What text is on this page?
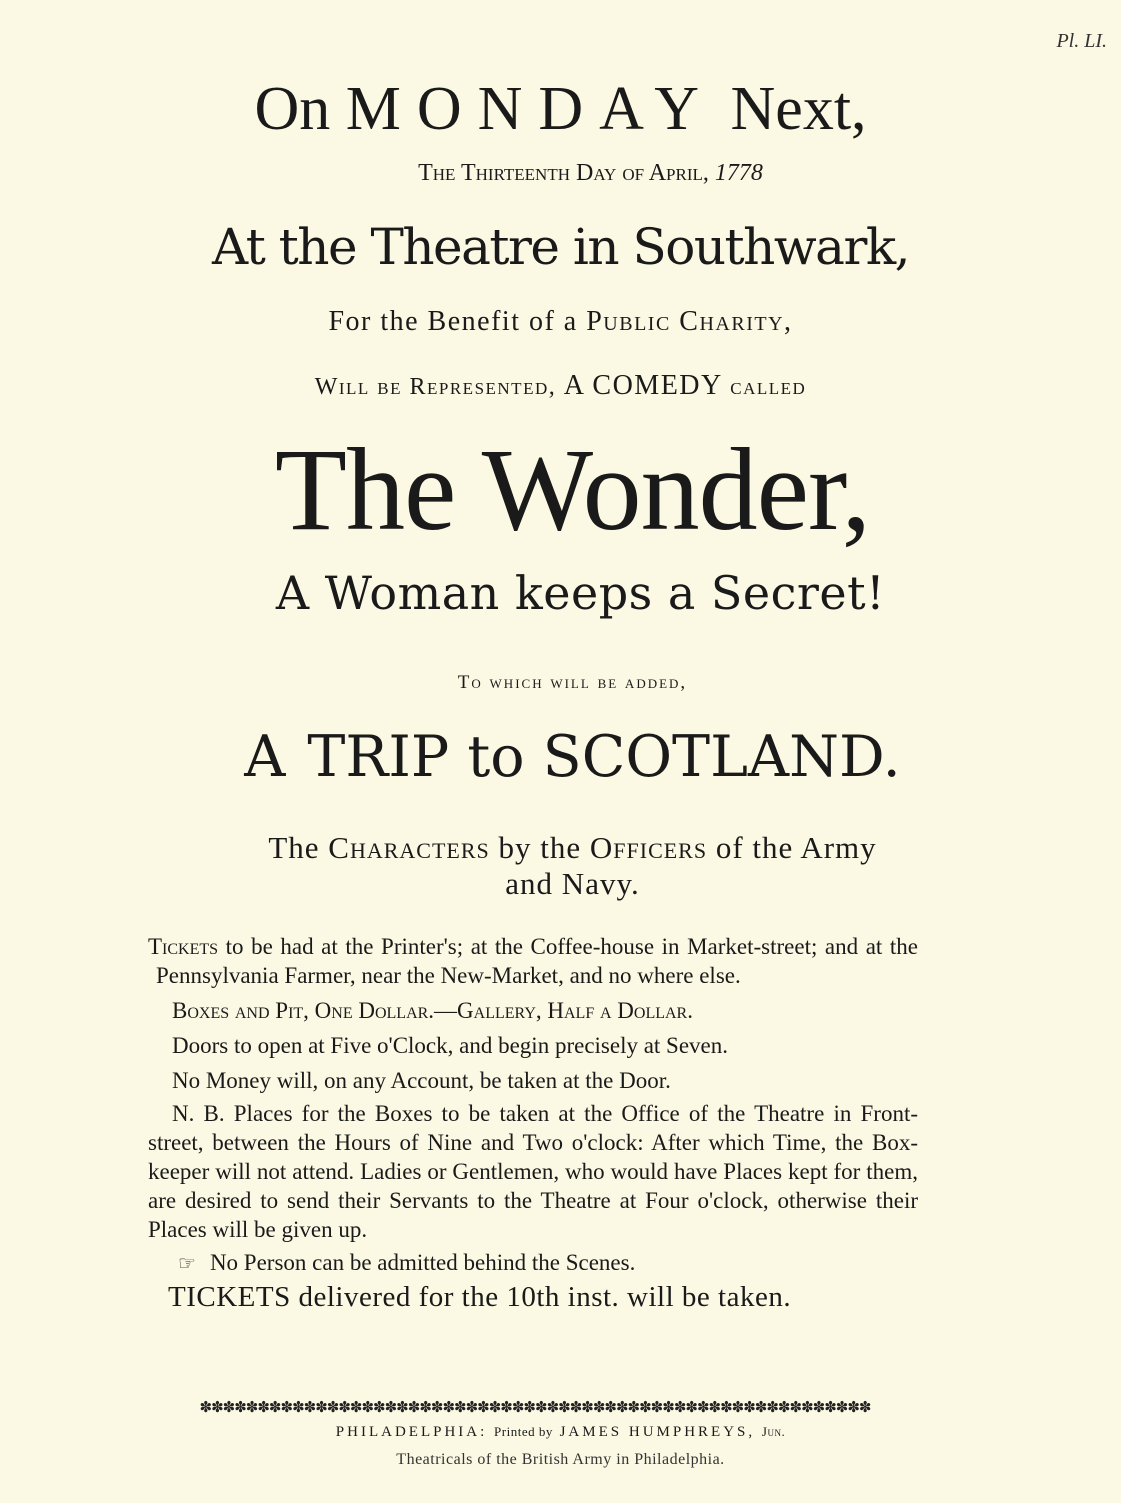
Pl. LI.
On MONDAY Next,
The Thirteenth Day of April, 1778
At the Theatre in Southwark,
For the Benefit of a Public Charity,
Will be Represented, A COMEDY called
The Wonder,
A Woman keeps a Secret!
To which will be added,
A TRIP to SCOTLAND.
The Characters by the Officers of the Army
and Navy.
Tickets to be had at the Printer's; at the Coffee-house in Market-street; and at the Pennsylvania Farmer, near the New-Market, and no where else.
Boxes and Pit, One Dollar.—Gallery, Half a Dollar.
Doors to open at Five o'Clock, and begin precisely at Seven.
No Money will, on any Account, be taken at the Door.
N. B. Places for the Boxes to be taken at the Office of the Theatre in Front-street, between the Hours of Nine and Two o'clock: After which Time, the Box-keeper will not attend. Ladies or Gentlemen, who would have Places kept for them, are desired to send their Servants to the Theatre at Four o'clock, otherwise their Places will be given up.
☞ No Person can be admitted behind the Scenes.
TICKETS delivered for the 10th inst. will be taken.
✽✽✽✽✽✽✽✽✽✽✽✽✽✽✽✽✽✽✽✽✽✽✽✽✽✽✽✽✽✽✽✽✽✽✽✽✽✽✽✽✽✽✽✽✽✽✽✽✽✽✽✽✽✽✽✽✽✽
PHILADELPHIA: Printed by JAMES HUMPHREYS, Jun.
Theatricals of the British Army in Philadelphia.
